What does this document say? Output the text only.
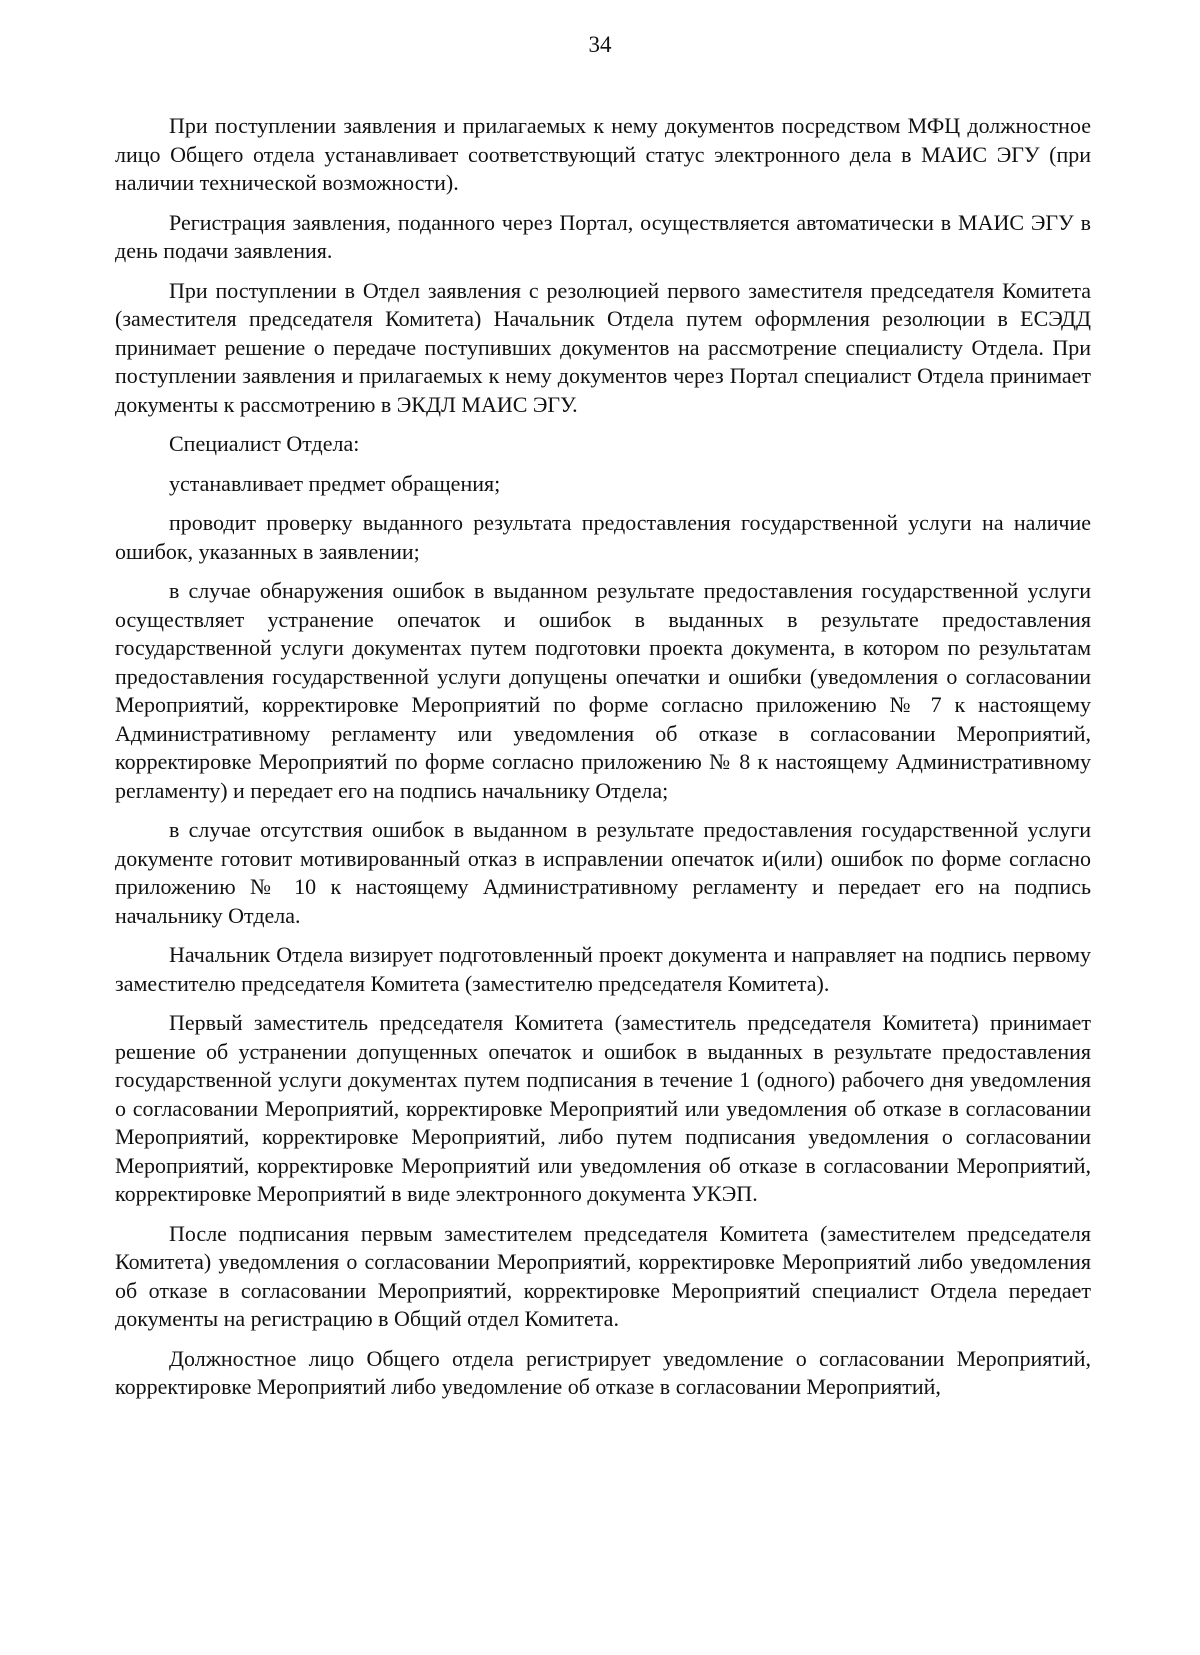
34

При поступлении заявления и прилагаемых к нему документов посредством МФЦ должностное лицо Общего отдела устанавливает соответствующий статус электронного дела в МАИС ЭГУ (при наличии технической возможности).

Регистрация заявления, поданного через Портал, осуществляется автоматически в МАИС ЭГУ в день подачи заявления.

При поступлении в Отдел заявления с резолюцией первого заместителя председателя Комитета (заместителя председателя Комитета) Начальник Отдела путем оформления резолюции в ЕСЭДД принимает решение о передаче поступивших документов на рассмотрение специалисту Отдела. При поступлении заявления и прилагаемых к нему документов через Портал специалист Отдела принимает документы к рассмотрению в ЭКДЛ МАИС ЭГУ.

Специалист Отдела:

устанавливает предмет обращения;

проводит проверку выданного результата предоставления государственной услуги на наличие ошибок, указанных в заявлении;

в случае обнаружения ошибок в выданном результате предоставления государственной услуги осуществляет устранение опечаток и ошибок в выданных в результате предоставления государственной услуги документах путем подготовки проекта документа, в котором по результатам предоставления государственной услуги допущены опечатки и ошибки (уведомления о согласовании Мероприятий, корректировке Мероприятий по форме согласно приложению № 7 к настоящему Административному регламенту или уведомления об отказе в согласовании Мероприятий, корректировке Мероприятий по форме согласно приложению № 8 к настоящему Административному регламенту) и передает его на подпись начальнику Отдела;

в случае отсутствия ошибок в выданном в результате предоставления государственной услуги документе готовит мотивированный отказ в исправлении опечаток и(или) ошибок по форме согласно приложению № 10 к настоящему Административному регламенту и передает его на подпись начальнику Отдела.

Начальник Отдела визирует подготовленный проект документа и направляет на подпись первому заместителю председателя Комитета (заместителю председателя Комитета).

Первый заместитель председателя Комитета (заместитель председателя Комитета) принимает решение об устранении допущенных опечаток и ошибок в выданных в результате предоставления государственной услуги документах путем подписания в течение 1 (одного) рабочего дня уведомления о согласовании Мероприятий, корректировке Мероприятий или уведомления об отказе в согласовании Мероприятий, корректировке Мероприятий, либо путем подписания уведомления о согласовании Мероприятий, корректировке Мероприятий или уведомления об отказе в согласовании Мероприятий, корректировке Мероприятий в виде электронного документа УКЭП.

После подписания первым заместителем председателя Комитета (заместителем председателя Комитета) уведомления о согласовании Мероприятий, корректировке Мероприятий либо уведомления об отказе в согласовании Мероприятий, корректировке Мероприятий специалист Отдела передает документы на регистрацию в Общий отдел Комитета.

Должностное лицо Общего отдела регистрирует уведомление о согласовании Мероприятий, корректировке Мероприятий либо уведомление об отказе в согласовании Мероприятий,
